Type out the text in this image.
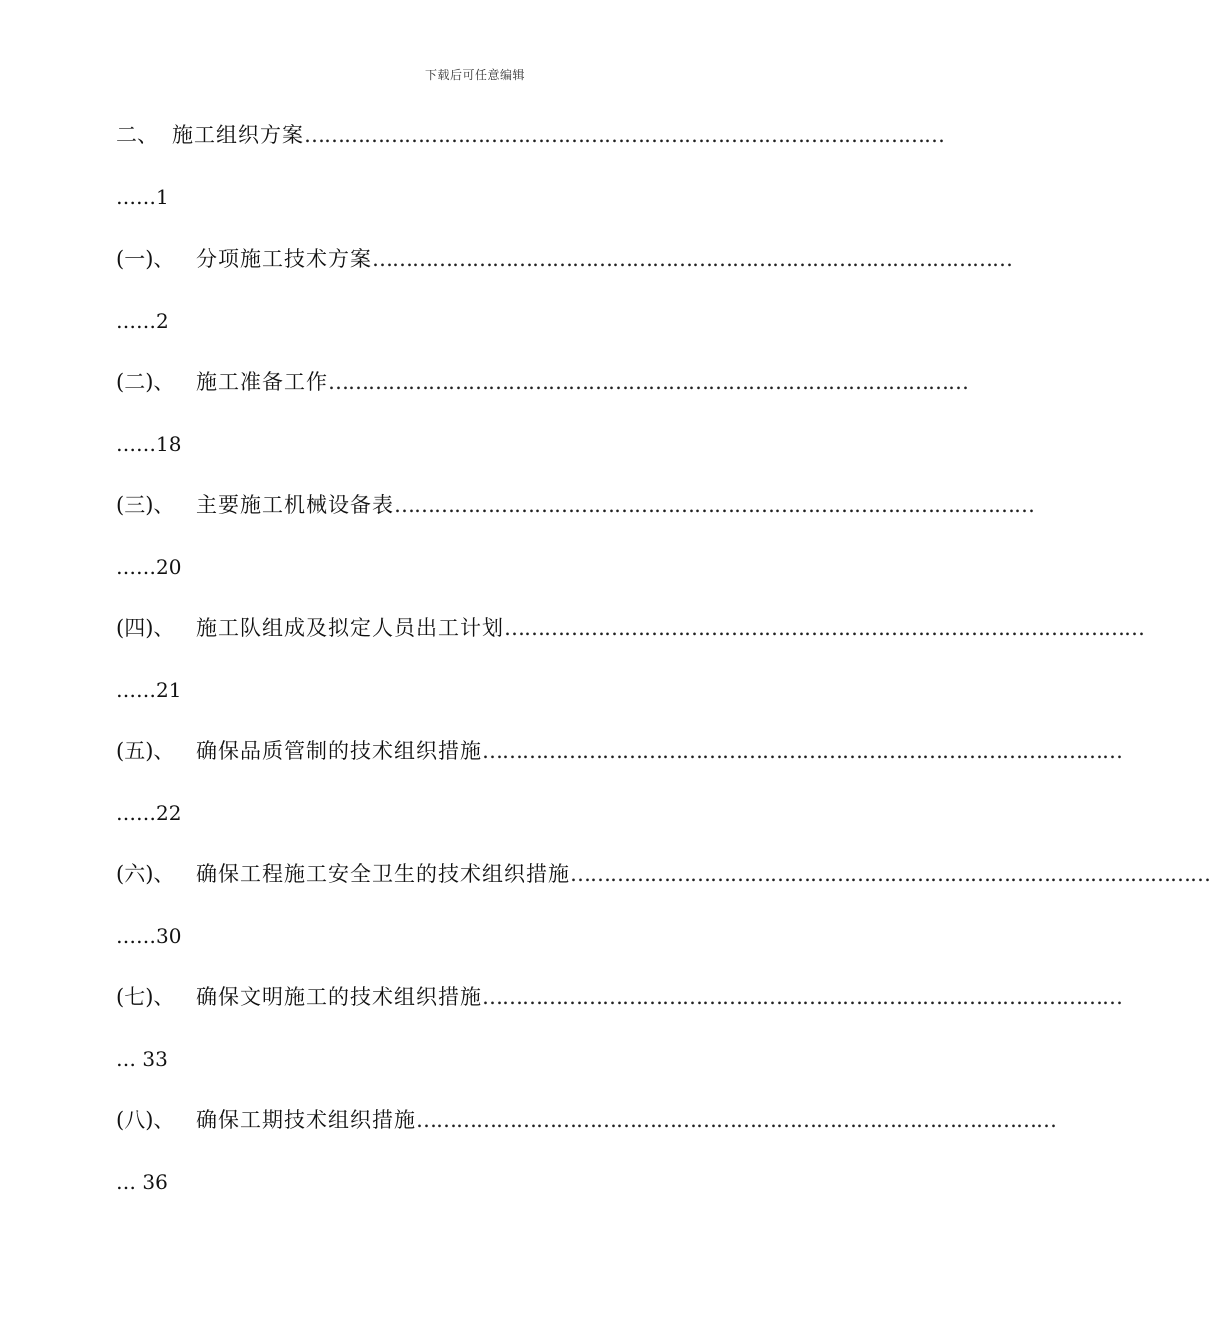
下载后可任意编辑
二、 施工组织方案 ……………………………………………………………………………………
……1
(一)、	分项施工技术方案 ……………………………………………………………………………………
……2
(二)、	施工准备工作 ……………………………………………………………………………………
……18
(三)、	主要施工机械设备表 ……………………………………………………………………………………
……20
(四)、	施工队组成及拟定人员出工计划 ……………………………………………………………………………………
……21
(五)、	确保品质管制的技术组织措施 ……………………………………………………………………………………
……22
(六)、	确保工程施工安全卫生的技术组织措施 ……………………………………………………………………………………
……30
(七)、	确保文明施工的技术组织措施 ……………………………………………………………………………………
… 33
(八)、	确保工期技术组织措施 ……………………………………………………………………………………
… 36
